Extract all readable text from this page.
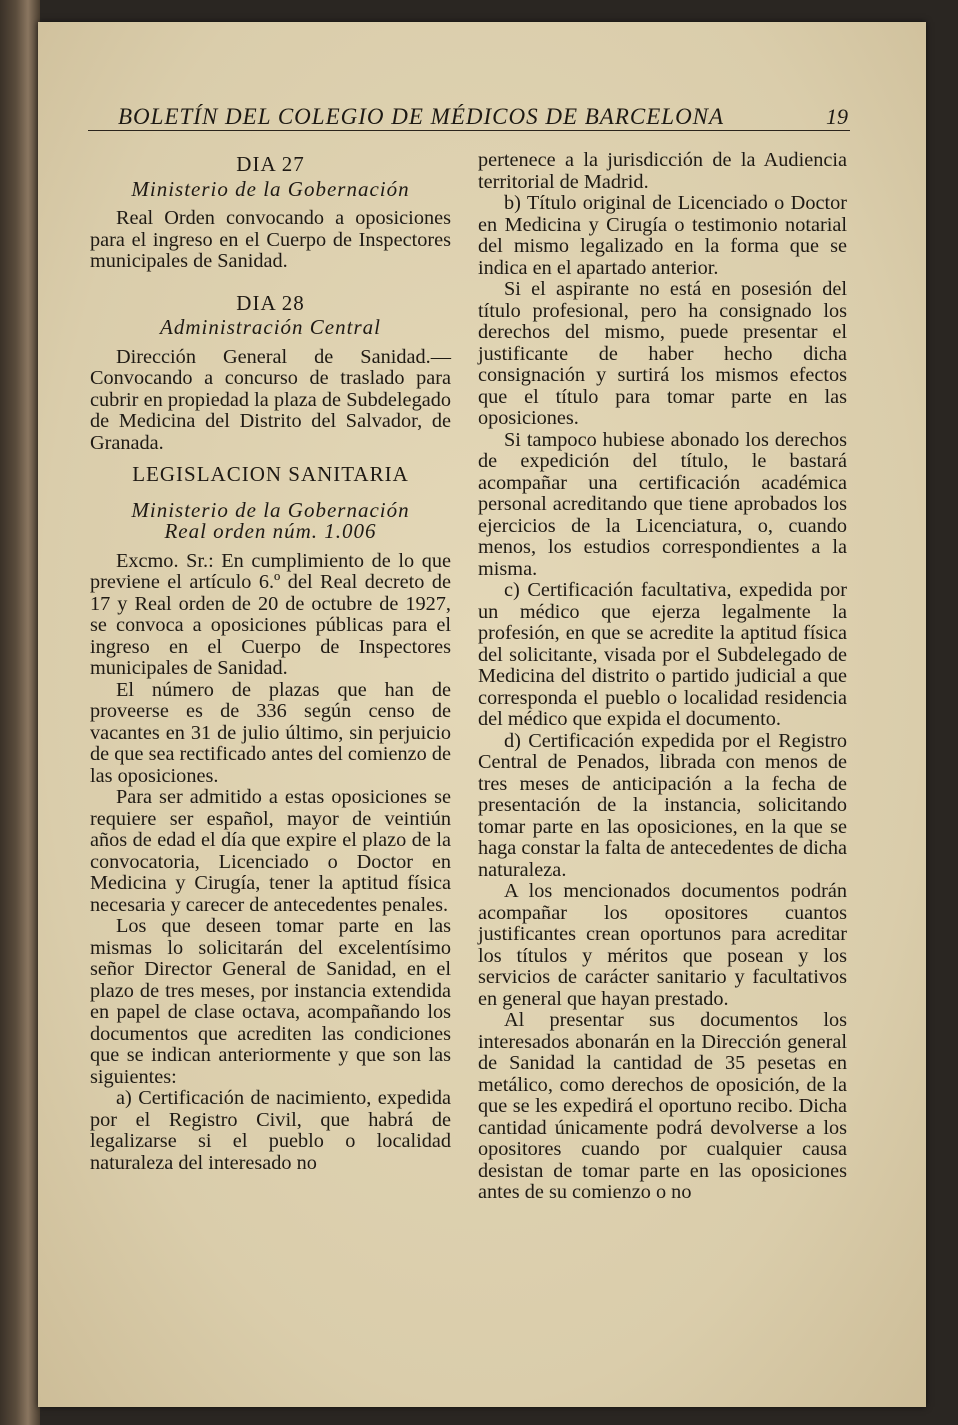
BOLETÍN DEL COLEGIO DE MÉDICOS DE BARCELONA	19
DIA 27
Ministerio de la Gobernación

Real Orden convocando a oposiciones para el ingreso en el Cuerpo de Inspectores municipales de Sanidad.

DIA 28
Administración Central

Dirección General de Sanidad.— Convocando a concurso de traslado para cubrir en propiedad la plaza de Subdelegado de Medicina del Distrito del Salvador, de Granada.

LEGISLACION SANITARIA
Ministerio de la Gobernación
Real orden núm. 1.006

Excmo. Sr.: En cumplimiento de lo que previene el artículo 6.º del Real decreto de 17 y Real orden de 20 de octubre de 1927, se convoca a oposiciones públicas para el ingreso en el Cuerpo de Inspectores municipales de Sanidad.

El número de plazas que han de proveerse es de 336 según censo de vacantes en 31 de julio último, sin perjuicio de que sea rectificado antes del comienzo de las oposiciones.

Para ser admitido a estas oposiciones se requiere ser español, mayor de veintiún años de edad el día que expire el plazo de la convocatoria, Licenciado o Doctor en Medicina y Cirugía, tener la aptitud física necesaria y carecer de antecedentes penales.

Los que deseen tomar parte en las mismas lo solicitarán del excelentísimo señor Director General de Sanidad, en el plazo de tres meses, por instancia extendida en papel de clase octava, acompañando los documentos que acrediten las condiciones que se indican anteriormente y que son las siguientes:

a) Certificación de nacimiento, expedida por el Registro Civil, que habrá de legalizarse si el pueblo o localidad naturaleza del interesado no

pertenece a la jurisdicción de la Audiencia territorial de Madrid.

b) Título original de Licenciado o Doctor en Medicina y Cirugía o testimonio notarial del mismo legalizado en la forma que se indica en el apartado anterior.

Si el aspirante no está en posesión del título profesional, pero ha consignado los derechos del mismo, puede presentar el justificante de haber hecho dicha consignación y surtirá los mismos efectos que el título para tomar parte en las oposiciones.

Si tampoco hubiese abonado los derechos de expedición del título, le bastará acompañar una certificación académica personal acreditando que tiene aprobados los ejercicios de la Licenciatura, o, cuando menos, los estudios correspondientes a la misma.

c) Certificación facultativa, expedida por un médico que ejerza legalmente la profesión, en que se acredite la aptitud física del solicitante, visada por el Subdelegado de Medicina del distrito o partido judicial a que corresponda el pueblo o localidad residencia del médico que expida el documento.

d) Certificación expedida por el Registro Central de Penados, librada con menos de tres meses de anticipación a la fecha de presentación de la instancia, solicitando tomar parte en las oposiciones, en la que se haga constar la falta de antecedentes de dicha naturaleza.

A los mencionados documentos podrán acompañar los opositores cuantos justificantes crean oportunos para acreditar los títulos y méritos que posean y los servicios de carácter sanitario y facultativos en general que hayan prestado.

Al presentar sus documentos los interesados abonarán en la Dirección general de Sanidad la cantidad de 35 pesetas en metálico, como derechos de oposición, de la que se les expedirá el oportuno recibo. Dicha cantidad únicamente podrá devolverse a los opositores cuando por cualquier causa desistan de tomar parte en las oposiciones antes de su comienzo o no
